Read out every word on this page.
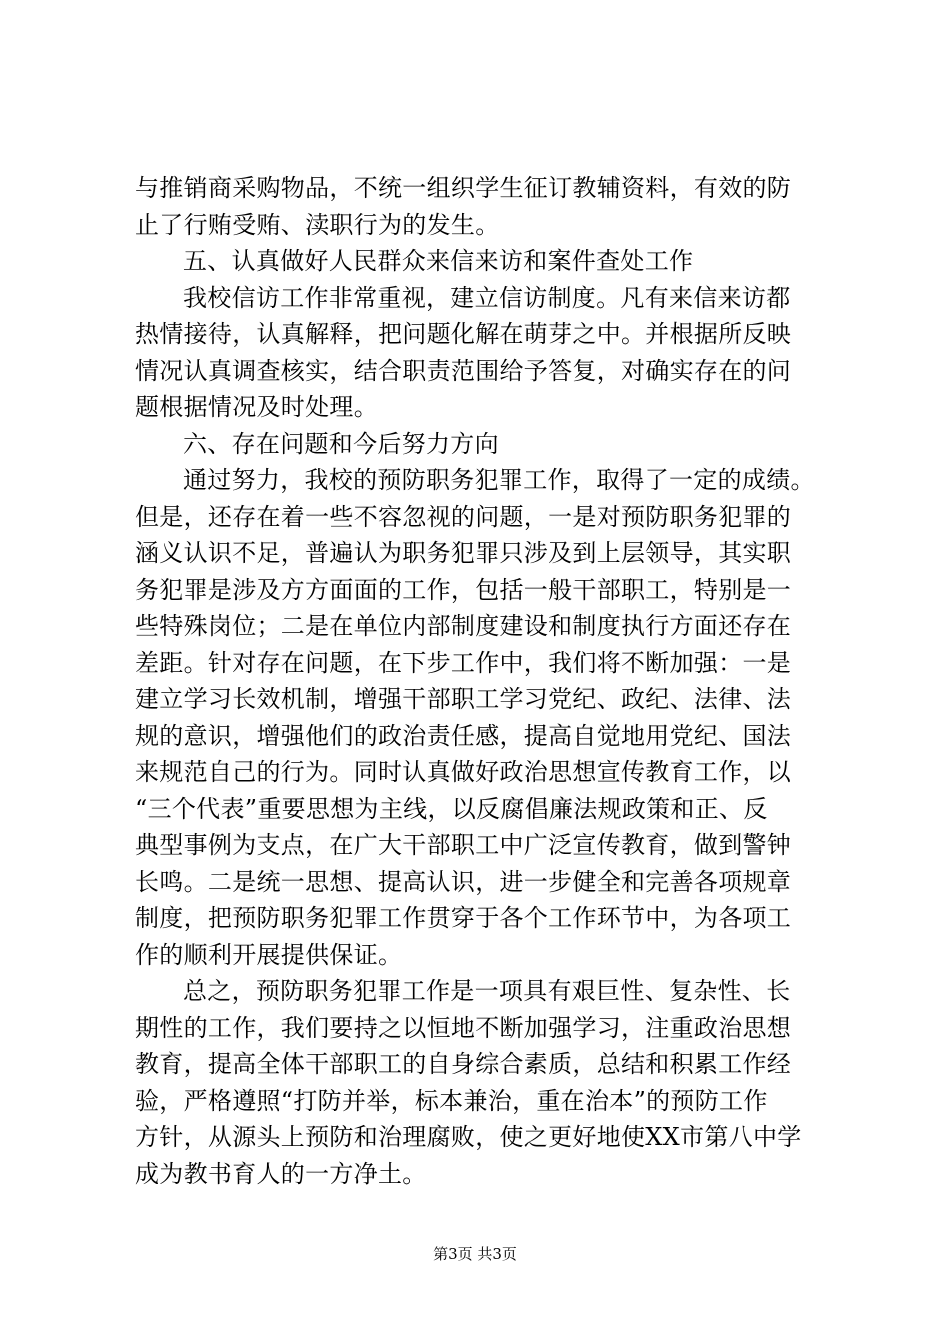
与推销商采购物品，不统一组织学生征订教辅资料，有效的防
止了行贿受贿、渎职行为的发生。
五、认真做好人民群众来信来访和案件查处工作
我校信访工作非常重视，建立信访制度。凡有来信来访都
热情接待，认真解释，把问题化解在萌芽之中。并根据所反映
情况认真调查核实，结合职责范围给予答复，对确实存在的问
题根据情况及时处理。
六、存在问题和今后努力方向
通过努力，我校的预防职务犯罪工作，取得了一定的成绩。
但是，还存在着一些不容忽视的问题，一是对预防职务犯罪的
涵义认识不足，普遍认为职务犯罪只涉及到上层领导，其实职
务犯罪是涉及方方面面的工作，包括一般干部职工，特别是一
些特殊岗位；二是在单位内部制度建设和制度执行方面还存在
差距。针对存在问题，在下步工作中，我们将不断加强：一是
建立学习长效机制，增强干部职工学习党纪、政纪、法律、法
规的意识，增强他们的政治责任感，提高自觉地用党纪、国法
来规范自己的行为。同时认真做好政治思想宣传教育工作，以
“三个代表”重要思想为主线，以反腐倡廉法规政策和正、反
典型事例为支点，在广大干部职工中广泛宣传教育，做到警钟
长鸣。二是统一思想、提高认识，进一步健全和完善各项规章
制度，把预防职务犯罪工作贯穿于各个工作环节中，为各项工
作的顺利开展提供保证。
总之，预防职务犯罪工作是一项具有艰巨性、复杂性、长
期性的工作，我们要持之以恒地不断加强学习，注重政治思想
教育，提高全体干部职工的自身综合素质，总结和积累工作经
验，严格遵照“打防并举，标本兼治，重在治本”的预防工作
方针，从源头上预防和治理腐败，使之更好地使XX市第八中学
成为教书育人的一方净土。
第3页 共3页
